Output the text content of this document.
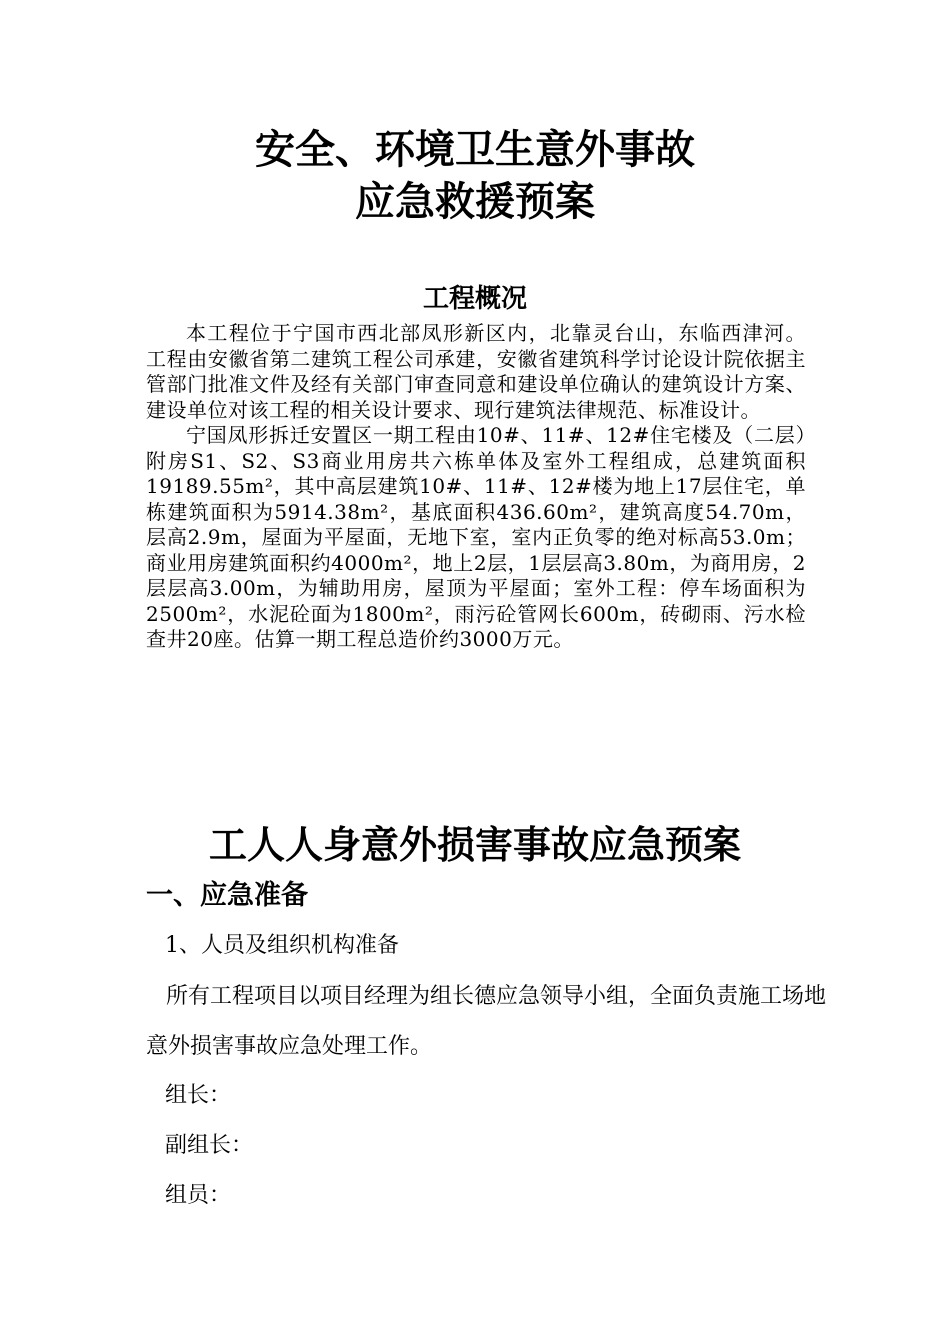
安全、环境卫生意外事故
应急救援预案
工程概况

本工程位于宁国市西北部凤形新区内，北靠灵台山，东临西津河。 工程由安徽省第二建筑工程公司承建，安徽省建筑科学讨论设计院依据主管部门批准文件及经有关部门审查同意和建设单位确认的建筑设计方案、建设单位对该工程的相关设计要求、现行建筑法律规范、标准设计。

宁国凤形拆迁安置区一期工程由10#、11#、12#住宅楼及（二层）附房S1、S2、S3商业用房共六栋单体及室外工程组成，总建筑面积19189.55m²，其中高层建筑10#、11#、12#楼为地上17层住宅，单栋建筑面积为5914.38m²，基底面积436.60m²，建筑高度54.70m，层高2.9m，屋面为平屋面，无地下室，室内正负零的绝对标高53.0m；商业用房建筑面积约4000m²，地上2层，1层层高3.80m，为商用房，2层层高3.00m，为辅助用房，屋顶为平屋面；室外工程：停车场面积为2500m²，水泥砼面为1800m²，雨污砼管网长600m，砖砌雨、污水检查井20座。估算一期工程总造价约3000万元。

工人人身意外损害事故应急预案
一、应急准备
1、人员及组织机构准备
所有工程项目以项目经理为组长德应急领导小组，全面负责施工场地意外损害事故应急处理工作。
组长：
副组长：
组员：
